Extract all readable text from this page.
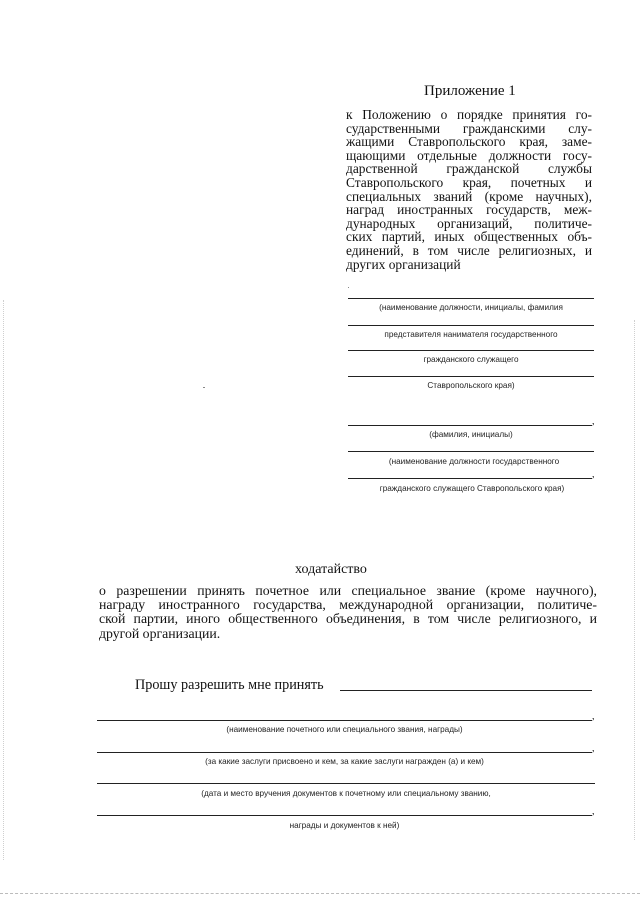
Приложение 1
к Положению о порядке принятия го-
сударственными гражданскими слу-
жащими Ставропольского края, заме-
щающими отдельные должности госу-
дарственной гражданской службы
Ставропольского края, почетных и
специальных званий (кроме научных),
наград иностранных государств, меж-
дународных организаций, политиче-
ских партий, иных общественных объ-
единений, в том числе религиозных, и
других организаций
(наименование должности, инициалы, фамилия
представителя нанимателя государственного
гражданского служащего
Ставропольского края)
,
(фамилия, инициалы)
(наименование должности государственного
,
гражданского служащего Ставропольского края)
ходатайство
о разрешении принять почетное или специальное звание (кроме научного),
награду иностранного государства, международной организации, политиче-
ской партии, иного общественного объединения, в том числе религиозного, и
другой организации.
Прошу разрешить мне принять
,
(наименование почетного или специального звания, награды)
,
(за какие заслуги присвоено и кем, за какие заслуги награжден (а) и кем)
(дата и место вручения документов к почетному или специальному званию,
,
награды и документов к ней)
